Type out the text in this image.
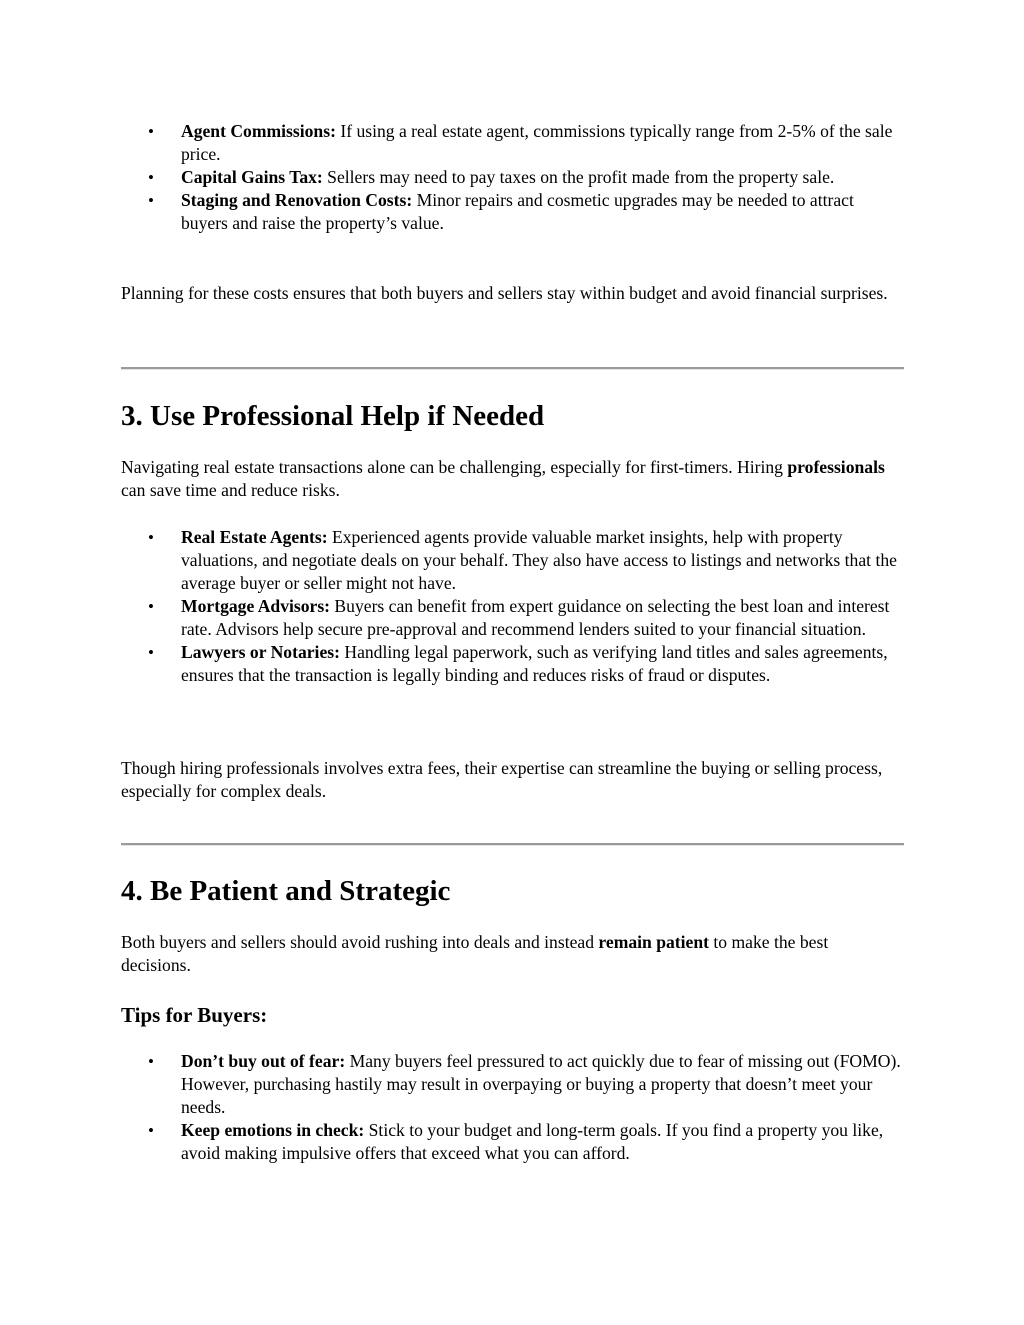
• Agent Commissions: If using a real estate agent, commissions typically range from 2-5% of the sale price.
• Capital Gains Tax: Sellers may need to pay taxes on the profit made from the property sale.
• Staging and Renovation Costs: Minor repairs and cosmetic upgrades may be needed to attract buyers and raise the property’s value.

Planning for these costs ensures that both buyers and sellers stay within budget and avoid financial surprises.

3. Use Professional Help if Needed

Navigating real estate transactions alone can be challenging, especially for first-timers. Hiring professionals can save time and reduce risks.

• Real Estate Agents: Experienced agents provide valuable market insights, help with property valuations, and negotiate deals on your behalf. They also have access to listings and networks that the average buyer or seller might not have.
• Mortgage Advisors: Buyers can benefit from expert guidance on selecting the best loan and interest rate. Advisors help secure pre-approval and recommend lenders suited to your financial situation.
• Lawyers or Notaries: Handling legal paperwork, such as verifying land titles and sales agreements, ensures that the transaction is legally binding and reduces risks of fraud or disputes.

Though hiring professionals involves extra fees, their expertise can streamline the buying or selling process, especially for complex deals.

4. Be Patient and Strategic

Both buyers and sellers should avoid rushing into deals and instead remain patient to make the best decisions.

Tips for Buyers:
• Don’t buy out of fear: Many buyers feel pressured to act quickly due to fear of missing out (FOMO). However, purchasing hastily may result in overpaying or buying a property that doesn’t meet your needs.
• Keep emotions in check: Stick to your budget and long-term goals. If you find a property you like, avoid making impulsive offers that exceed what you can afford.
